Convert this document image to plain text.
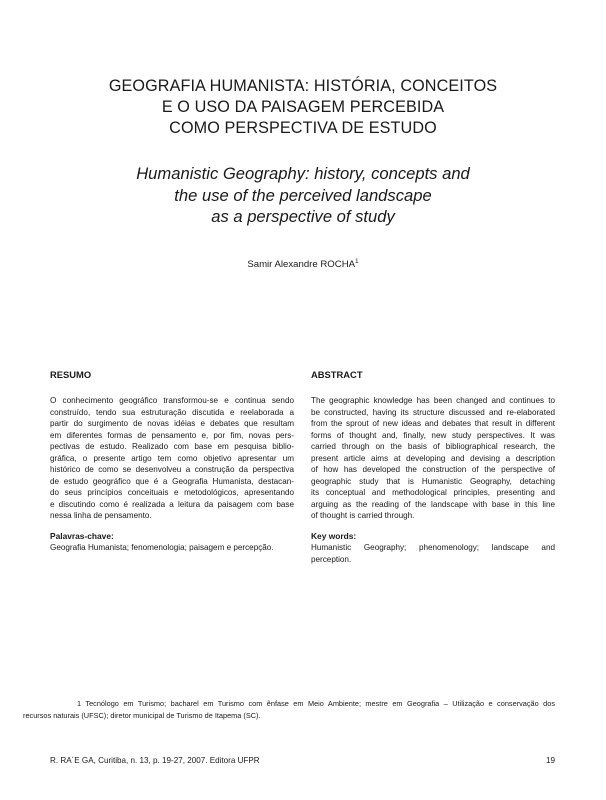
GEOGRAFIA HUMANISTA: HISTÓRIA, CONCEITOS
E O USO DA PAISAGEM PERCEBIDA
COMO PERSPECTIVA DE ESTUDO
Humanistic Geography: history, concepts and
the use of the perceived landscape
as a perspective of study
Samir Alexandre ROCHA$^1$
RESUMO
O conhecimento geográfico transformou-se e continua sendo
construído, tendo sua estruturação discutida e reelaborada a
partir do surgimento de novas idéias e debates que resultam
em diferentes formas de pensamento e, por fim, novas pers-
pectivas de estudo. Realizado com base em pesquisa biblio-
gráfica, o presente artigo tem como objetivo apresentar um
histórico de como se desenvolveu a construção da perspectiva
de estudo geográfico que é a Geografia Humanista, destacan-
do seus princípios conceituais e metodológicos, apresentando
e discutindo como é realizada a leitura da paisagem com base
nessa linha de pensamento.
Palavras-chave:
Geografia Humanista; fenomenologia; paisagem e percepção.
ABSTRACT
The geographic knowledge has been changed and continues to
be constructed, having its structure discussed and re-elaborated
from the sprout of new ideas and debates that result in different
forms of thought and, finally, new study perspectives. It was
carried through on the basis of bibliographical research, the
present article aims at developing and devising a description
of how has developed the construction of the perspective of
geographic study that is Humanistic Geography, detaching
its conceptual and methodological principles, presenting and
arguing as the reading of the landscape with base in this line
of thought is carried through.
Key words:
Humanistic Geography; phenomenology; landscape and
perception.
1 Tecnólogo em Turismo; bacharel em Turismo com ênfase em Meio Ambiente; mestre em Geografia – Utilização e conservação dos
recursos naturais (UFSC); diretor municipal de Turismo de Itapema (SC).
R. RA´E GA, Curitiba, n. 13, p. 19-27, 2007. Editora UFPR	19
